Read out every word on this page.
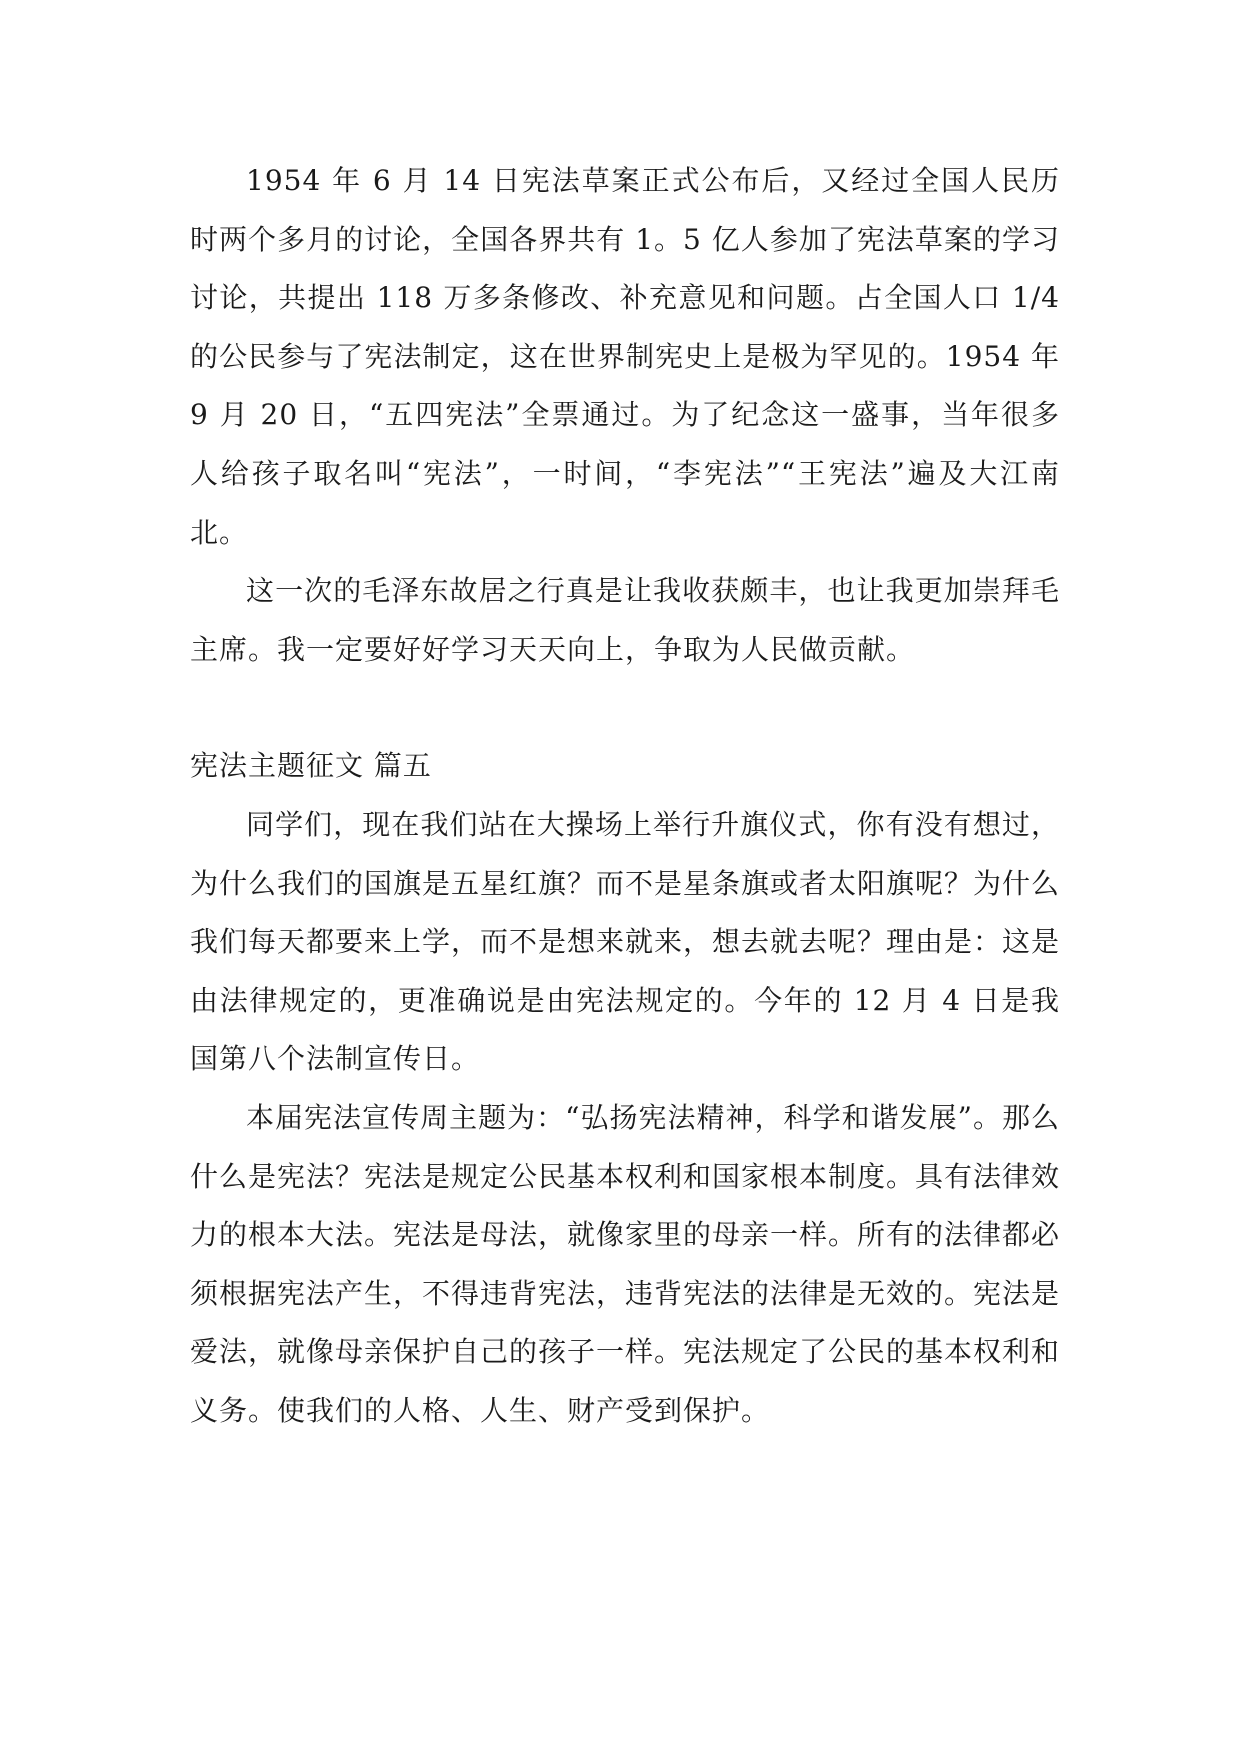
1954 年 6 月 14 日宪法草案正式公布后，又经过全国人民历时两个多月的讨论，全国各界共有 1。5 亿人参加了宪法草案的学习讨论，共提出 118 万多条修改、补充意见和问题。占全国人口 1/4 的公民参与了宪法制定，这在世界制宪史上是极为罕见的。1954 年 9 月 20 日，“五四宪法”全票通过。为了纪念这一盛事，当年很多人给孩子取名叫“宪法”，一时间，“李宪法”“王宪法”遍及大江南北。

这一次的毛泽东故居之行真是让我收获颇丰，也让我更加崇拜毛主席。我一定要好好学习天天向上，争取为人民做贡献。

宪法主题征文 篇五

同学们，现在我们站在大操场上举行升旗仪式，你有没有想过，为什么我们的国旗是五星红旗？而不是星条旗或者太阳旗呢？为什么我们每天都要来上学，而不是想来就来，想去就去呢？理由是：这是由法律规定的，更准确说是由宪法规定的。今年的 12 月 4 日是我国第八个法制宣传日。

本届宪法宣传周主题为：“弘扬宪法精神，科学和谐发展”。那么什么是宪法？宪法是规定公民基本权利和国家根本制度。具有法律效力的根本大法。宪法是母法，就像家里的母亲一样。所有的法律都必须根据宪法产生，不得违背宪法，违背宪法的法律是无效的。宪法是爱法，就像母亲保护自己的孩子一样。宪法规定了公民的基本权利和义务。使我们的人格、人生、财产受到保护。
